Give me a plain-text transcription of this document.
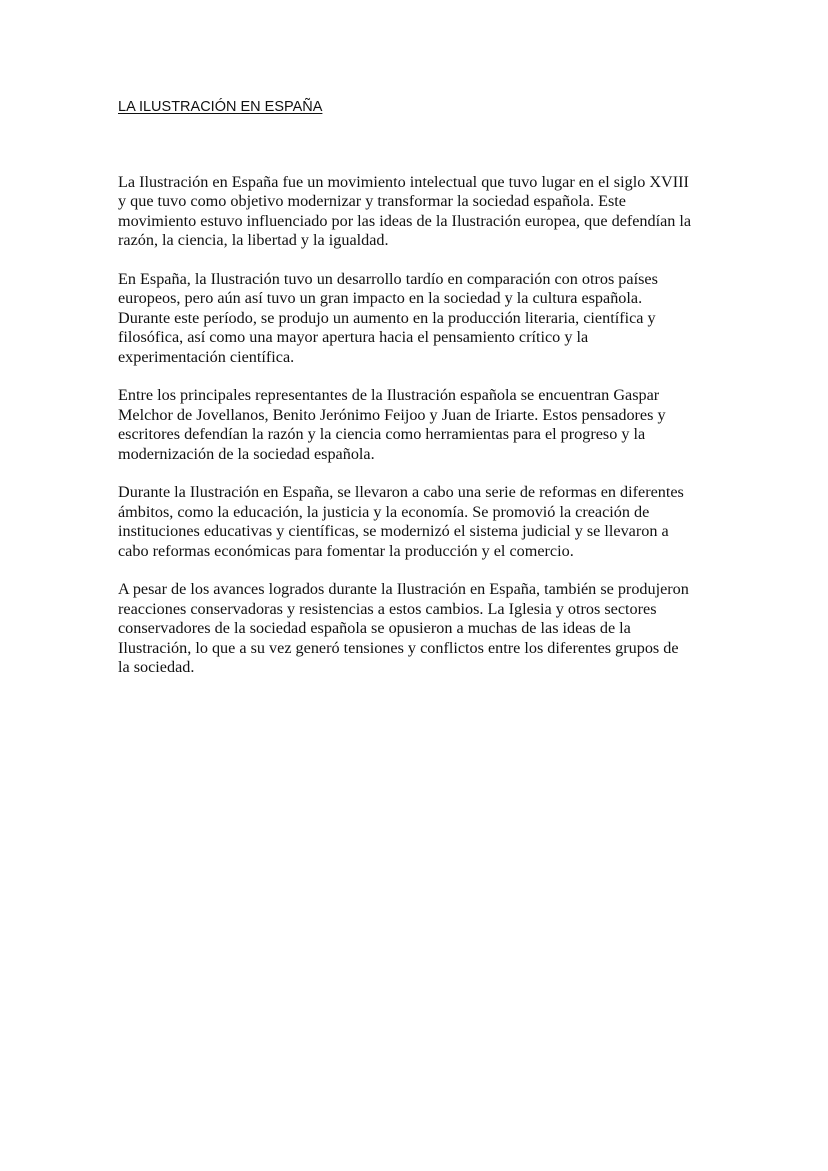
LA ILUSTRACIÓN EN ESPAÑA

La Ilustración en España fue un movimiento intelectual que tuvo lugar en el siglo XVIII
y que tuvo como objetivo modernizar y transformar la sociedad española. Este
movimiento estuvo influenciado por las ideas de la Ilustración europea, que defendían la
razón, la ciencia, la libertad y la igualdad.

En España, la Ilustración tuvo un desarrollo tardío en comparación con otros países
europeos, pero aún así tuvo un gran impacto en la sociedad y la cultura española.
Durante este período, se produjo un aumento en la producción literaria, científica y
filosófica, así como una mayor apertura hacia el pensamiento crítico y la
experimentación científica.

Entre los principales representantes de la Ilustración española se encuentran Gaspar
Melchor de Jovellanos, Benito Jerónimo Feijoo y Juan de Iriarte. Estos pensadores y
escritores defendían la razón y la ciencia como herramientas para el progreso y la
modernización de la sociedad española.

Durante la Ilustración en España, se llevaron a cabo una serie de reformas en diferentes
ámbitos, como la educación, la justicia y la economía. Se promovió la creación de
instituciones educativas y científicas, se modernizó el sistema judicial y se llevaron a
cabo reformas económicas para fomentar la producción y el comercio.

A pesar de los avances logrados durante la Ilustración en España, también se produjeron
reacciones conservadoras y resistencias a estos cambios. La Iglesia y otros sectores
conservadores de la sociedad española se opusieron a muchas de las ideas de la
Ilustración, lo que a su vez generó tensiones y conflictos entre los diferentes grupos de
la sociedad.
